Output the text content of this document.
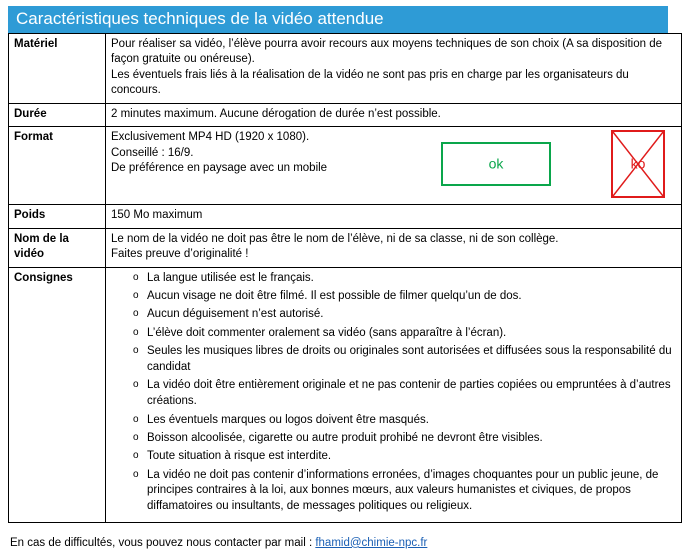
Caractéristiques techniques de la vidéo attendue
Matériel	Pour réaliser sa vidéo, l’élève pourra avoir recours aux moyens techniques de son choix (A sa disposition de façon gratuite ou onéreuse).

Les éventuels frais liés à la réalisation de la vidéo ne sont pas pris en charge par les organisateurs du concours.

Durée	2 minutes maximum. Aucune dérogation de durée n’est possible.

Format	Exclusivement MP4 HD (1920 x 1080).

Conseillé : 16/9.

De préférence en paysage avec un mobile ok ko

Poids	150 Mo maximum

Nom de la vidéo	Le nom de la vidéo ne doit pas être le nom de l’élève, ni de sa classe, ni de son collège.

Faites preuve d’originalité !

Consignes	
oLa langue utilisée est le français.
o Aucun visage ne doit être filmé. Il est possible de filmer quelqu’un de dos.
o Aucun déguisement n’est autorisé.
o L’élève doit commenter oralement sa vidéo (sans apparaître à l’écran).
o Seules les musiques libres de droits ou originales sont autorisées et diffusées sous la responsabilité du candidat
o La vidéo doit être entièrement originale et ne pas contenir de parties copiées ou empruntées à d’autres créations.
o Les éventuels marques ou logos doivent être masqués.
o Boisson alcoolisée, cigarette ou autre produit prohibé ne devront être visibles.
o Toute situation à risque est interdite.
o La vidéo ne doit pas contenir d’informations erronées, d’images choquantes pour un public jeune, de principes contraires à la loi, aux bonnes mœurs, aux valeurs humanistes et civiques, de propos diffamatoires ou insultants, de messages politiques ou religieux.
En cas de difficultés, vous pouvez nous contacter par mail : fhamid@chimie-npc.fr
